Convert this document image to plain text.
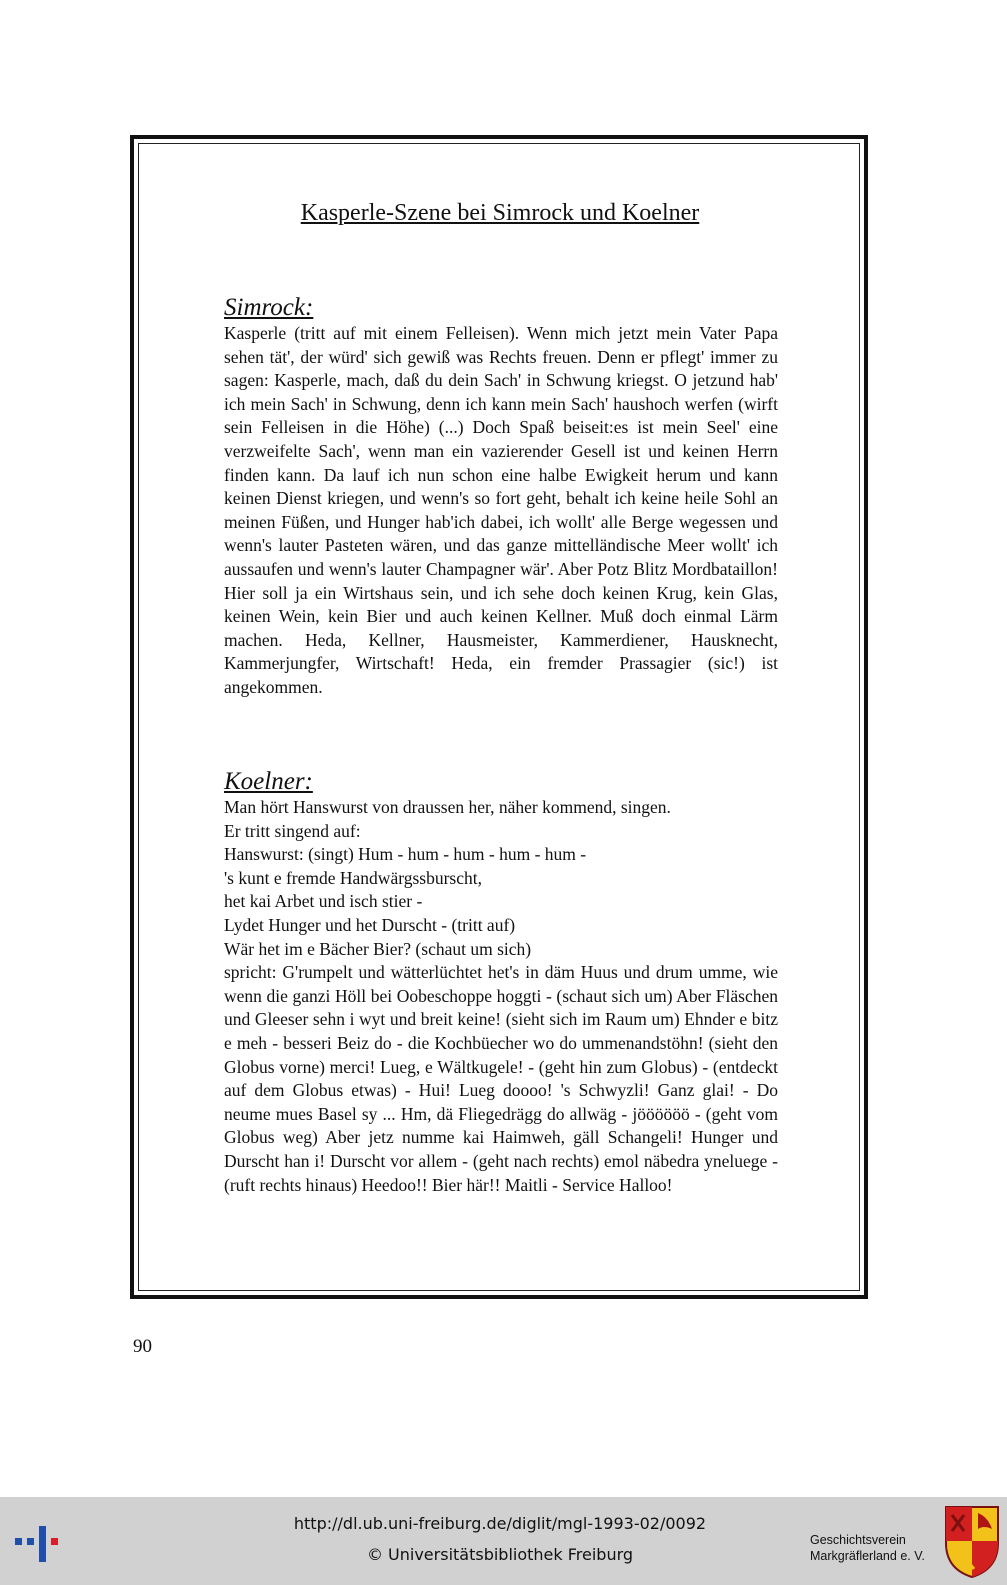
Kasperle-Szene bei Simrock und Koelner
Simrock:

Kasperle (tritt auf mit einem Felleisen). Wenn mich jetzt mein Vater Papa sehen tät', der würd' sich gewiß was Rechts freuen. Denn er pflegt' immer zu sagen: Kasperle, mach, daß du dein Sach' in Schwung kriegst. O jetzund hab' ich mein Sach' in Schwung, denn ich kann mein Sach' haushoch werfen (wirft sein Felleisen in die Höhe) (...) Doch Spaß beiseit:es ist mein Seel' eine verzweifelte Sach', wenn man ein vazierender Gesell ist und keinen Herrn finden kann. Da lauf ich nun schon eine halbe Ewigkeit herum und kann keinen Dienst kriegen, und wenn's so fort geht, behalt ich keine heile Sohl an meinen Füßen, und Hunger hab'ich dabei, ich wollt' alle Berge wegessen und wenn's lauter Pasteten wären, und das ganze mittelländische Meer wollt' ich aussaufen und wenn's lauter Champagner wär'. Aber Potz Blitz Mordbataillon! Hier soll ja ein Wirtshaus sein, und ich sehe doch keinen Krug, kein Glas, keinen Wein, kein Bier und auch keinen Kellner. Muß doch einmal Lärm machen. Heda, Kellner, Hausmeister, Kammerdiener, Hausknecht, Kammerjungfer, Wirtschaft! Heda, ein fremder Prassagier (sic!) ist angekommen.

Koelner:
Man hört Hanswurst von draussen her, näher kommend, singen.
Er tritt singend auf:
Hanswurst: (singt) Hum - hum - hum - hum - hum -
's kunt e fremde Handwärgssburscht,
het kai Arbet und isch stier -
Lydet Hunger und het Durscht - (tritt auf)
Wär het im e Bächer Bier? (schaut um sich)

spricht: G'rumpelt und wätterlüchtet het's in däm Huus und drum umme, wie wenn die ganzi Höll bei Oobeschoppe hoggti - (schaut sich um) Aber Fläschen und Gleeser sehn i wyt und breit keine! (sieht sich im Raum um) Ehnder e bitz e meh - besseri Beiz do - die Kochbüecher wo do ummenandstöhn! (sieht den Globus vorne) merci! Lueg, e Wältkugele! - (geht hin zum Globus) - (entdeckt auf dem Globus etwas) - Hui! Lueg doooo! 's Schwyzli! Ganz glai! - Do neume mues Basel sy ... Hm, dä Fliegedrägg do allwäg - jöööööö - (geht vom Globus weg) Aber jetz numme kai Haimweh, gäll Schangeli! Hunger und Durscht han i! Durscht vor allem - (geht nach rechts) emol näbedra yneluege - (ruft rechts hinaus) Heedoo!! Bier här!! Maitli - Service Halloo!

90
http://dl.ub.uni-freiburg.de/diglit/mgl-1993-02/0092
© Universitätsbibliothek Freiburg
Geschichtsverein
Markgräflerland e. V.
